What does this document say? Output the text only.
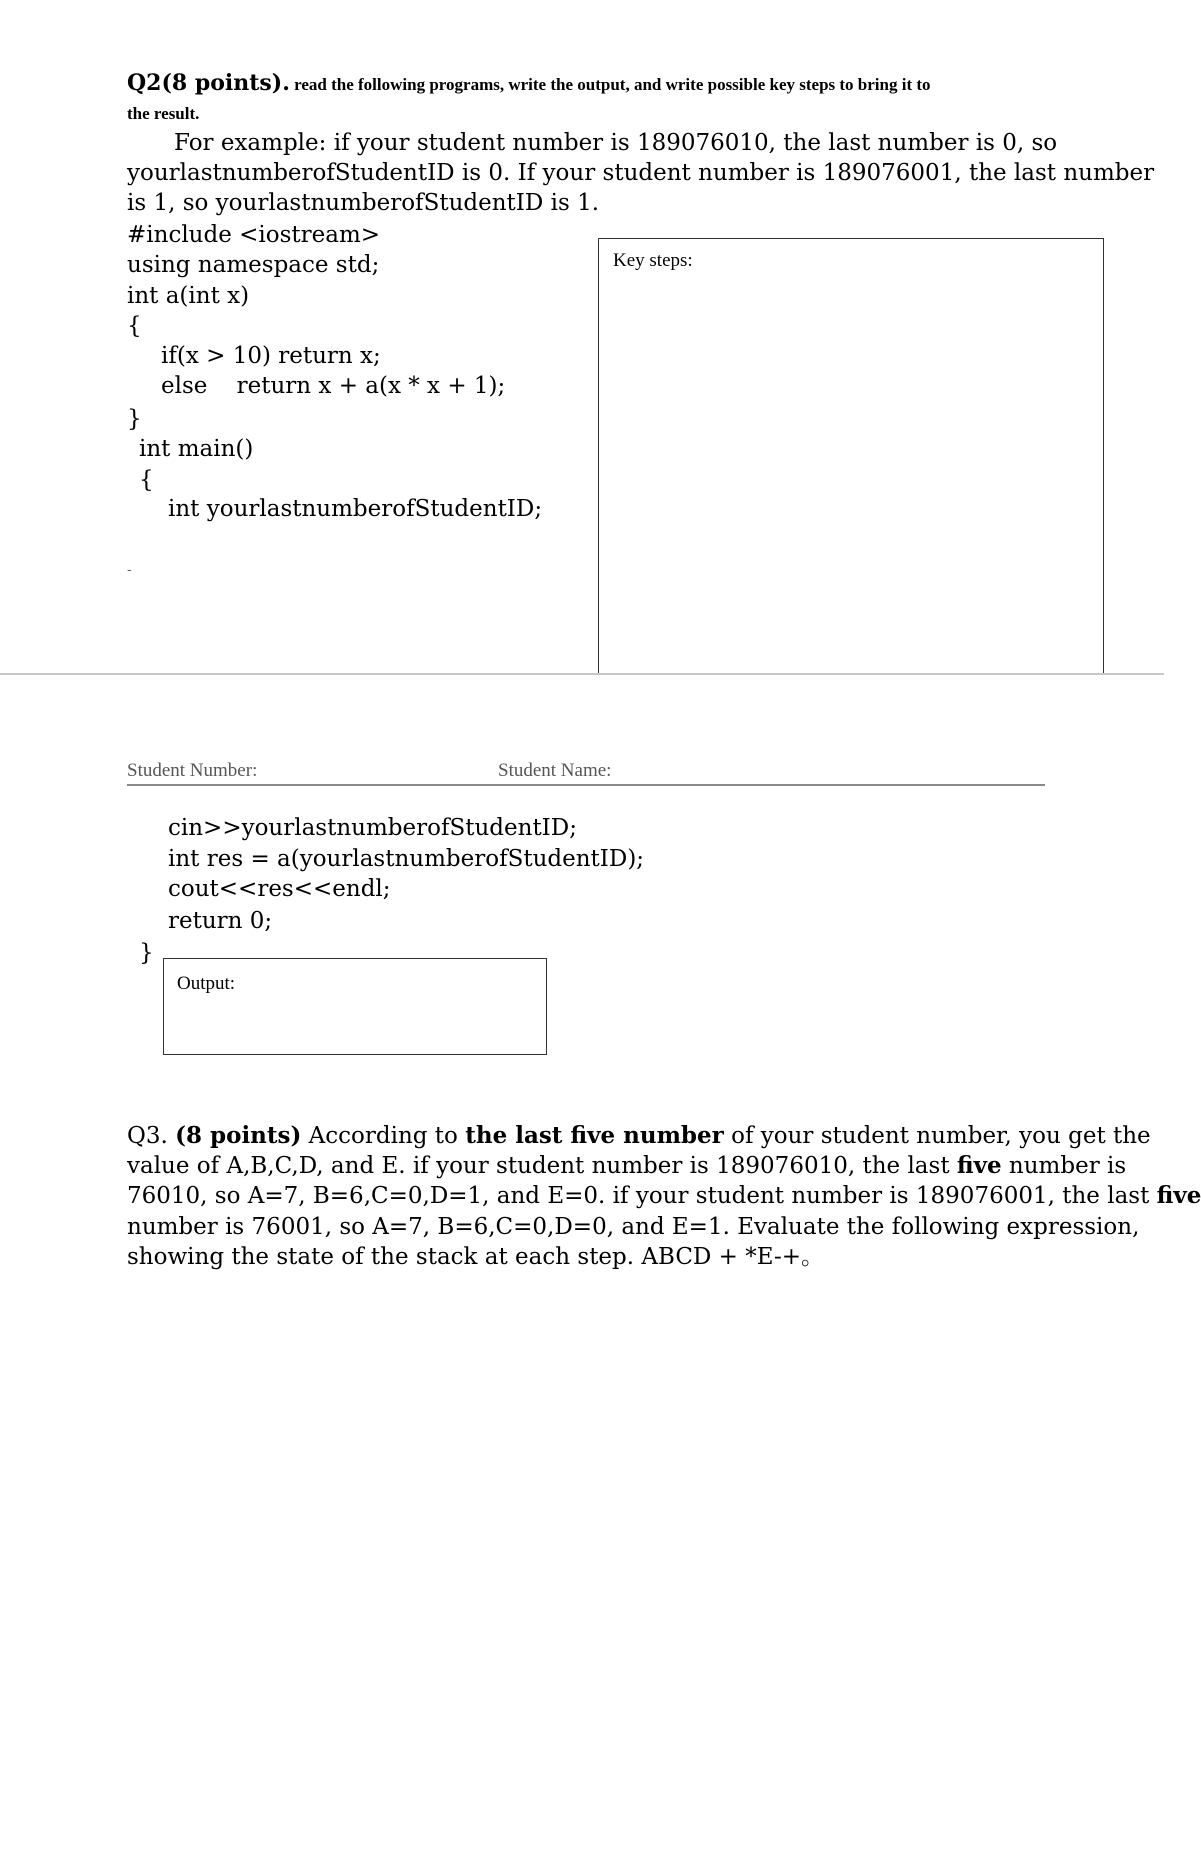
Q2(8 points). read the following programs, write the output, and write possible key steps to bring it to
the result.
For example: if your student number is 189076010, the last number is 0, so
yourlastnumberofStudentID is 0. If your student number is 189076001, the last number
is 1, so yourlastnumberofStudentID is 1.
#include <iostream>
using namespace std;
int a(int x)
{
if(x > 10) return x;
else    return x + a(x * x + 1);
}
int main()
{
int yourlastnumberofStudentID;
-
Key steps:
Student Number:	Student Name:
cin>>yourlastnumberofStudentID;
int res = a(yourlastnumberofStudentID);
cout<<res<<endl;
return 0;
}
Output:
Q3. (8 points) According to the last five number of your student number, you get the
value of A,B,C,D, and E. if your student number is 189076010, the last five number is
76010, so A=7, B=6,C=0,D=1, and E=0. if your student number is 189076001, the last five
number is 76001, so A=7, B=6,C=0,D=0, and E=1. Evaluate the following expression,
showing the state of the stack at each step. ABCD + *E-+。
